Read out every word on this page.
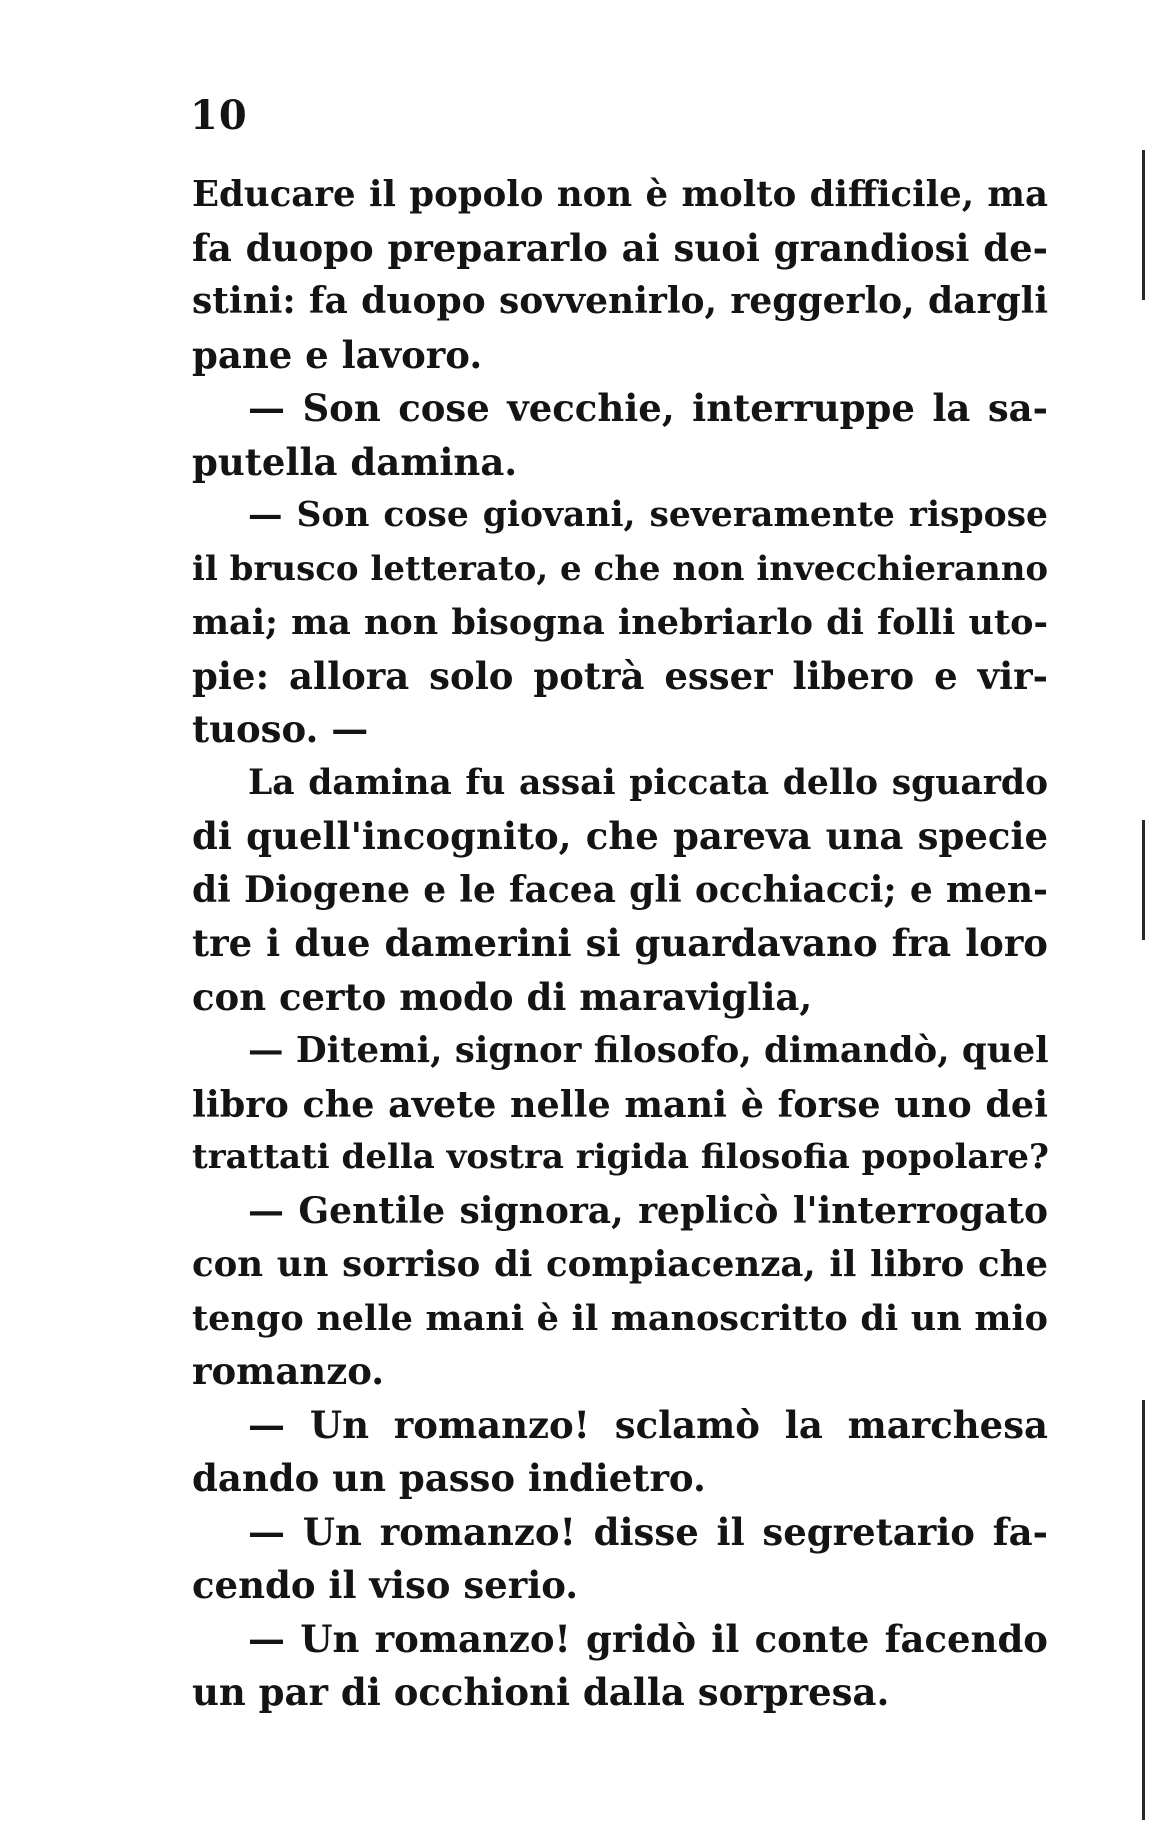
10
Educare il popolo non è molto difficile, ma
fa duopo prepararlo ai suoi grandiosi de-
stini: fa duopo sovvenirlo, reggerlo, dargli
pane e lavoro.
— Son cose vecchie, interruppe la sa-
putella damina.
— Son cose giovani, severamente rispose
il brusco letterato, e che non invecchieranno
mai; ma non bisogna inebriarlo di folli uto-
pie: allora solo potrà esser libero e vir-
tuoso. —
La damina fu assai piccata dello sguardo
di quell'incognito, che pareva una specie
di Diogene e le facea gli occhiacci; e men-
tre i due damerini si guardavano fra loro
con certo modo di maraviglia,
— Ditemi, signor filosofo, dimandò, quel
libro che avete nelle mani è forse uno dei
trattati della vostra rigida filosofia popolare?
— Gentile signora, replicò l'interrogato
con un sorriso di compiacenza, il libro che
tengo nelle mani è il manoscritto di un mio
romanzo.
— Un romanzo! sclamò la marchesa
dando un passo indietro.
— Un romanzo! disse il segretario fa-
cendo il viso serio.
— Un romanzo! gridò il conte facendo
un par di occhioni dalla sorpresa.
